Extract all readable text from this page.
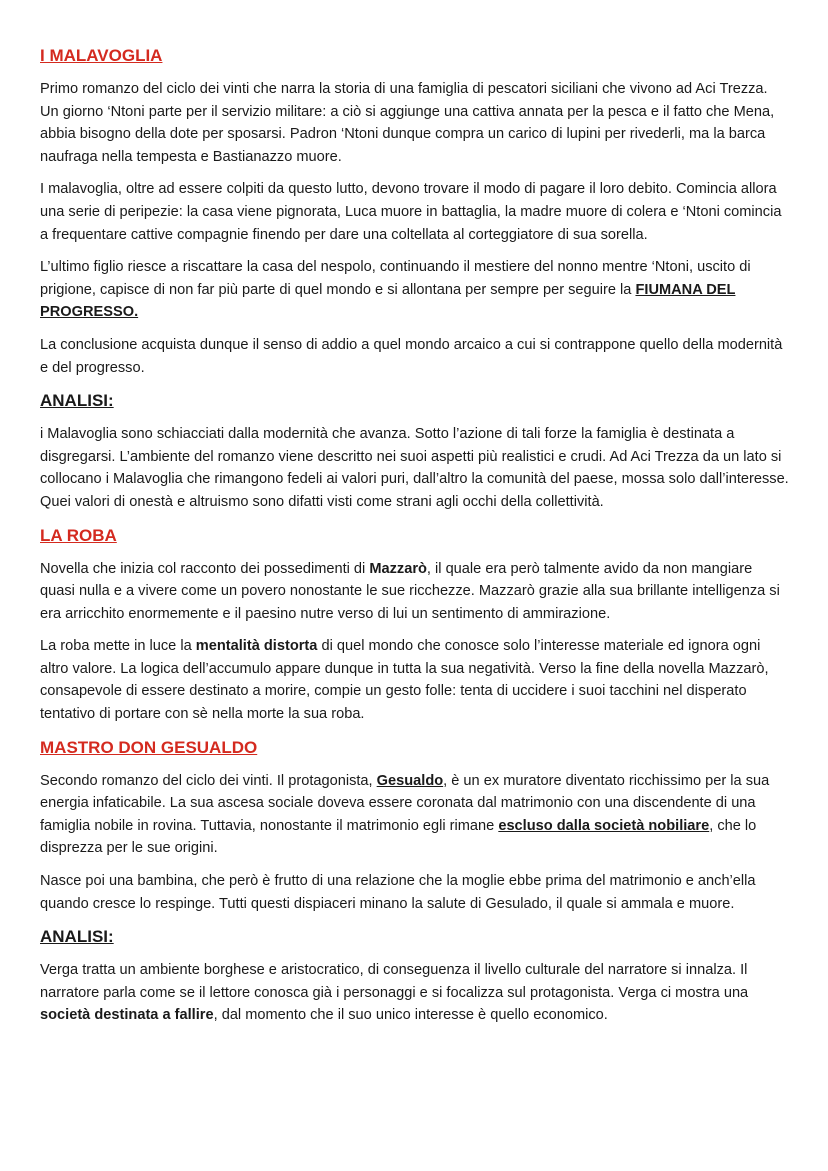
I MALAVOGLIA

Primo romanzo del ciclo dei vinti che narra la storia di una famiglia di pescatori siciliani che vivono ad Aci Trezza. Un giorno ‘Ntoni parte per il servizio militare: a ciò si aggiunge una cattiva annata per la pesca e il fatto che Mena, abbia bisogno della dote per sposarsi. Padron ‘Ntoni dunque compra un carico di lupini per rivederli, ma la barca naufraga nella tempesta e Bastianazzo muore.

I malavoglia, oltre ad essere colpiti da questo lutto, devono trovare il modo di pagare il loro debito. Comincia allora una serie di peripezie: la casa viene pignorata, Luca muore in battaglia, la madre muore di colera e ‘Ntoni comincia a frequentare cattive compagnie finendo per dare una coltellata al corteggiatore di sua sorella.

L’ultimo figlio riesce a riscattare la casa del nespolo, continuando il mestiere del nonno mentre ‘Ntoni, uscito di prigione, capisce di non far più parte di quel mondo e si allontana per sempre per seguire la FIUMANA DEL PROGRESSO.

La conclusione acquista dunque il senso di addio a quel mondo arcaico a cui si contrappone quello della modernità e del progresso.

ANALISI:

i Malavoglia sono schiacciati dalla modernità che avanza. Sotto l’azione di tali forze la famiglia è destinata a disgregarsi. L’ambiente del romanzo viene descritto nei suoi aspetti più realistici e crudi. Ad Aci Trezza da un lato si collocano i Malavoglia che rimangono fedeli ai valori puri, dall’altro la comunità del paese, mossa solo dall’interesse. Quei valori di onestà e altruismo sono difatti visti come strani agli occhi della collettività.

LA ROBA

Novella che inizia col racconto dei possedimenti di Mazzarò, il quale era però talmente avido da non mangiare quasi nulla e a vivere come un povero nonostante le sue ricchezze. Mazzarò grazie alla sua brillante intelligenza si era arricchito enormemente e il paesino nutre verso di lui un sentimento di ammirazione.

La roba mette in luce la mentalità distorta di quel mondo che conosce solo l’interesse materiale ed ignora ogni altro valore. La logica dell’accumulo appare dunque in tutta la sua negatività. Verso la fine della novella Mazzarò, consapevole di essere destinato a morire, compie un gesto folle: tenta di uccidere i suoi tacchini nel disperato tentativo di portare con sè nella morte la sua roba.

MASTRO DON GESUALDO

Secondo romanzo del ciclo dei vinti. Il protagonista, Gesualdo, è un ex muratore diventato ricchissimo per la sua energia infaticabile. La sua ascesa sociale doveva essere coronata dal matrimonio con una discendente di una famiglia nobile in rovina. Tuttavia, nonostante il matrimonio egli rimane escluso dalla società nobiliare, che lo disprezza per le sue origini.

Nasce poi una bambina, che però è frutto di una relazione che la moglie ebbe prima del matrimonio e anch’ella quando cresce lo respinge. Tutti questi dispiaceri minano la salute di Gesulado, il quale si ammala e muore.

ANALISI:

Verga tratta un ambiente borghese e aristocratico, di conseguenza il livello culturale del narratore si innalza. Il narratore parla come se il lettore conosca già i personaggi e si focalizza sul protagonista. Verga ci mostra una società destinata a fallire, dal momento che il suo unico interesse è quello economico.
